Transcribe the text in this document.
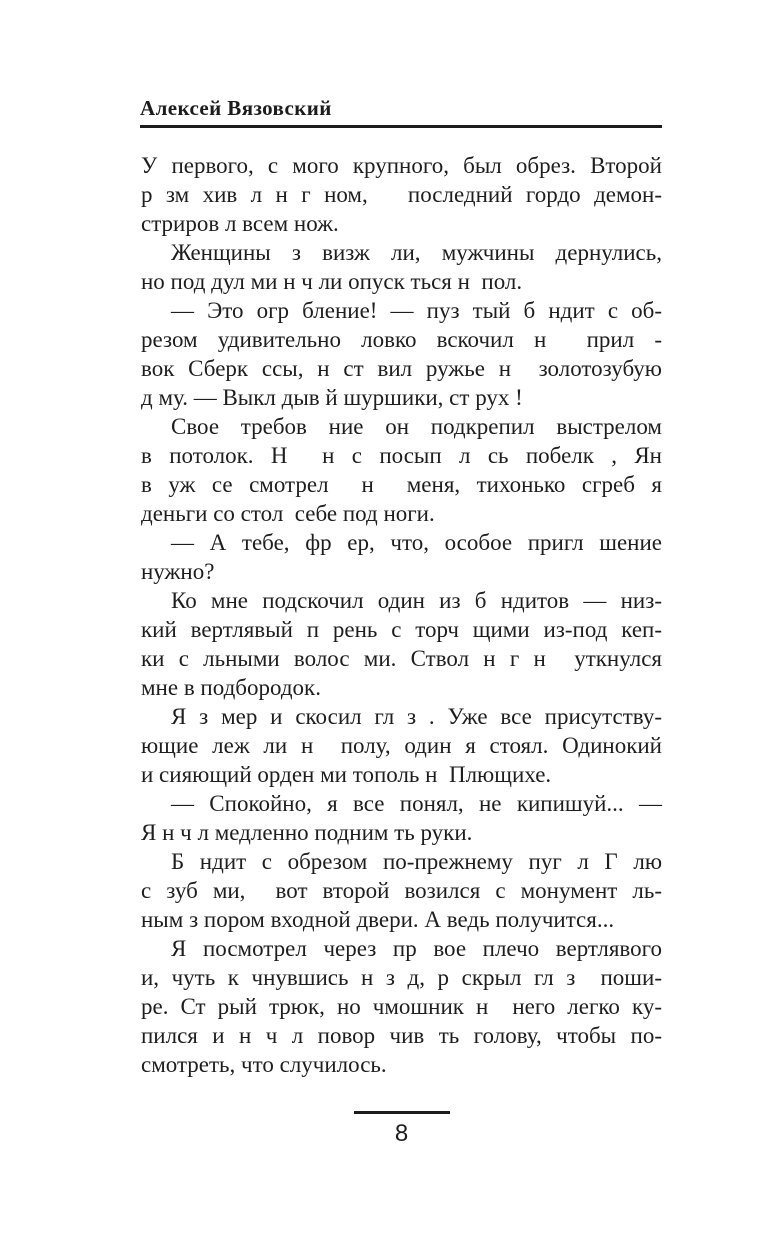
Алексей Вязовский
У первого, с мого крупного, был обрез. Второй
р зм хив л н г ном,   последний гордо демон-
стриров л всем нож.
Женщины з визж ли, мужчины дернулись,
но под дул ми н ч ли опуск ться н  пол.
— Это огр бление! — пуз тый б ндит с об-
резом удивительно ловко вскочил н  прил -
вок Сберк ссы, н ст вил ружье н  золотозубую
д му. — Выкл дыв й шуршики, ст рух !
Свое требов ние он подкрепил выстрелом
в потолок. Н  н с посып л сь побелк , Ян
в уж се смотрел  н  меня, тихонько сгреб я
деньги со стол  себе под ноги.
— А тебе, фр ер, что, особое пригл шение
нужно?
Ко мне подскочил один из б ндитов — низ-
кий вертлявый п рень с торч щими из-под кеп-
ки с льными волос ми. Ствол н г н  уткнулся
мне в подбородок.
Я з мер и скосил гл з . Уже все присутству-
ющие леж ли н  полу, один я стоял. Одинокий
и сияющий орден ми тополь н  Плющихе.
— Спокойно, я все понял, не кипишуй... —
Я н ч л медленно подним ть руки.
Б ндит с обрезом по-прежнему пуг л Г лю
с зуб ми,  вот второй возился с монумент ль-
ным з пором входной двери. А ведь получится...
Я посмотрел через пр вое плечо вертлявого
и, чуть к чнувшись н з д, р скрыл гл з  поши-
ре. Ст рый трюк, но чмошник н  него легко ку-
пился и н ч л повор чив ть голову, чтобы по-
смотреть, что случилось.
8
